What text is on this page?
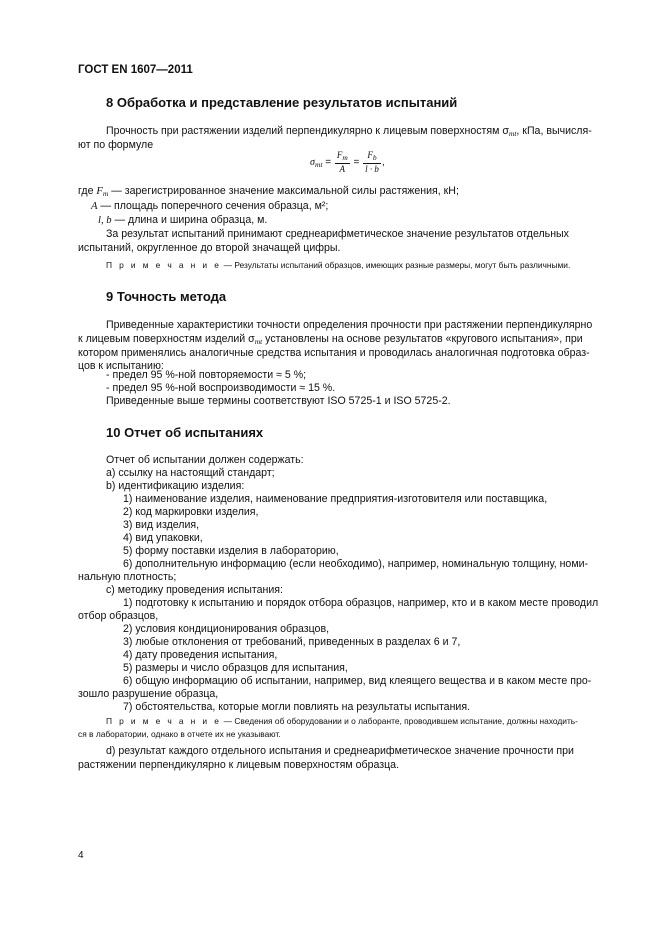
ГОСТ EN 1607—2011
8 Обработка и представление результатов испытаний
Прочность при растяжении изделий перпендикулярно к лицевым поверхностям $\sigma_{mt}$, кПа, вычисля-
ют по формуле
$\sigma_{mt} = \frac{F_m}{A} = \frac{F_b}{l \cdot b}$ ,
где $F_m$ — зарегистрированное значение максимальной силы растяжения, кН;
A — площадь поперечного сечения образца, м²;
l, b — длина и ширина образца, м.
За результат испытаний принимают среднеарифметическое значение результатов отдельных
испытаний, округленное до второй значащей цифры.
П р и м е ч а н и е — Результаты испытаний образцов, имеющих разные размеры, могут быть различными.
9 Точность метода
Приведенные характеристики точности определения прочности при растяжении перпендикулярно
к лицевым поверхностям изделий $\sigma_{mt}$ установлены на основе результатов «кругового испытания», при
котором применялись аналогичные средства испытания и проводилась аналогичная подготовка образ-
цов к испытанию:
- предел 95 %-ной повторяемости ≈ 5 %;
- предел 95 %-ной воспроизводимости ≈ 15 %.
Приведенные выше термины соответствуют ISO 5725-1 и ISO 5725-2.
10 Отчет об испытаниях
Отчет об испытании должен содержать:
а) ссылку на настоящий стандарт;
b) идентификацию изделия:
1) наименование изделия, наименование предприятия-изготовителя или поставщика,
2) код маркировки изделия,
3) вид изделия,
4) вид упаковки,
5) форму поставки изделия в лабораторию,
6) дополнительную информацию (если необходимо), например, номинальную толщину, номи-
нальную плотность;
с) методику проведения испытания:
1) подготовку к испытанию и порядок отбора образцов, например, кто и в каком месте проводил
отбор образцов,
2) условия кондиционирования образцов,
3) любые отклонения от требований, приведенных в разделах 6 и 7,
4) дату проведения испытания,
5) размеры и число образцов для испытания,
6) общую информацию об испытании, например, вид клеящего вещества и в каком месте про-
зошло разрушение образца,
7) обстоятельства, которые могли повлиять на результаты испытания.
П р и м е ч а н и е — Сведения об оборудовании и о лаборанте, проводившем испытание, должны находить-
ся в лаборатории, однако в отчете их не указывают.
d) результат каждого отдельного испытания и среднеарифметическое значение прочности при
растяжении перпендикулярно к лицевым поверхностям образца.
4
